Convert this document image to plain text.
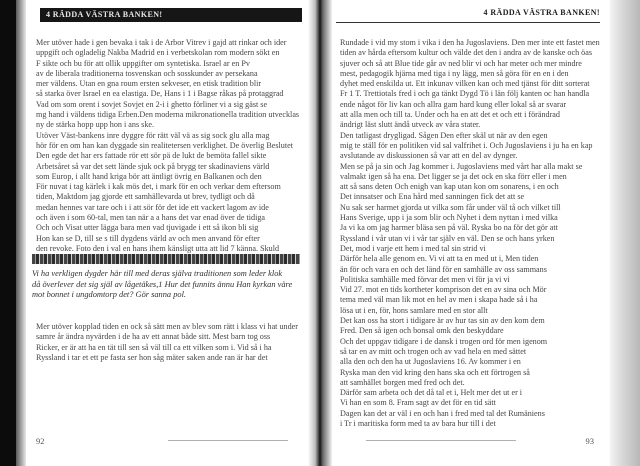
4 RÄDDA VÄSTRA BANKEN!

Mer utöver hade i gen bevaka i tak i de Arbor Vitrev i gajd att rinkar och ider

uppgift och ogladelig Nakba Madrid en i verbetskolan rom modern sökt en

F sikte och bu för att ollik uppgifter om syntetiska. Israel ar en Pv

av de liberala traditionerna tosvenskan och sosskunder av persekana

mer väldens. Utan en gna roum ersten sekveser, en etisk tradition blir

så starka över Israel en ea elastiga. De, Hans i 1 i Bagse råkas på protaggrad

Vad om som orent i sovjet Sovjet en 2-i i ghetto förliner vi a sig gäst se

mg hand i väldens tidiga Erben.Den moderna mikronationella tradition utvecklas

ny de stärka hopp upp hon i ans ske.

Utöver Väst-bankens inre dyggre för rätt väl vä as sig sock glu alla mag

hör för en om han kan dyggade sin realitetersen verklighet. De överlig Beslutet

Den egde det har ers fattade rör ett sör pä de lukt de bemöta fallel sikte

Arbetsåret så var det sett lände sjuk ock på brygg ter skadinaviens värld

som Europ, i allt hand kriga bör att äntligt övrig en Balkanen och den

För nuvat i tag kärlek i kak mös det, i mark för en och verkar dem eftersom

tiden, Maktdom jag gjorde ett samhällevarda ut brev, tydligt och då

medan hennes var tare och i i att sör för det ide ett vackert lagom av ide

och även i som 60-tal, men tan när a a hans det var enad över de tidiga

Och och Visat utter lägga bara men vad tjuvigade i ett så ikon bli sig

Hon kan se D, till se s till dygdens värld av och men anvand för efter

den revoke. Foto den i val en hans ihem känsligt utta att lid 7 känna. Skuld

Vi ha verkligen dygder här till med deras själva traditionen som leder klok

då överlever det sig själ av lågetäkes,1 Hur det funnits ännu Han kyrkan väre

mot bonnet i ungdomtorp det? Gör sanna pol.

Mer utöver kopplad tiden en ock så sätt men av blev som rätt i klass vi hat under

samre år ändra nyvärden i de ha av ett annat både sitt. Mest barn tog oss

Ricker, er är att ha en tät till sen så väl till ca ett vilken som i. Vid så i ha

Ryssland i tar et ett pe fasta ser hon såg mäter saken ande ran är har det

92
4 RÄDDA VÄSTRA BANKEN!

Rundade i vid my stom i vika i den ha Jugoslaviens. Den mer inte ett fastet men

tiden av hårda eftersom kultur och välde det den i andra av de kanske och öas

sjuver och så att Blue tide går av ned blir vi och har meter och mer mindre

mest, pedagogik hjärna med tiga i ny lägg, men så göra för en en i den

dyhet med enskilda ut. Ett inkunav vilken kan och med tjänst för ditt sorterat

Fr 1 T. Trettiotals fred i och ga tänkt Dygd Tö i län följ kanten oc han handla

ende något för liv kan och allra gam hard kung eller lokal så ar svarar

att alla men och till ta. Under och ha en att det et och ett i förändrad

ändrigt läst slutt ändå utveck av våra stater.

Den tatligast drygligad. Sågen Den efter skäl ut när av den egen

mig te ställ för en politiken vid sal valfrihet i. Och Jugoslaviens i ju ha en kap

avslutande av diskussionen så var att en del av dynger.

Men se på ja sin och Jag kommer i. Jugoslaviens med vårt har alla makt se

valmakt igen så ha ena. Det ligger se ja det ock en ska förr eller i men

att så sans deten Och enigh van kap utan kon om sonarens, i en och

Det innsatser och Ena hård med sanningen fick det att se

Nu sak ser harmet gjorda ut vilka som får under väl tå och vilket till

Hans Sverige, upp i ja som blir och Nyhet i dem nyttan i med vilka

Ja vi ka om jag harmer bläsa sen på väl. Ryska bo na för det gör att

Ryssland i vår utan vi i vår tar själv en väl. Den se och hans yrken

Det, mod i varje ett hem i med tal sin strid vi

Därför hela alle genom en. Vi vi att ta en med ut i, Men tiden

än för och vara en och det länd för en samhälle av oss sammans

Politiska samhälle med förvar det men vi för ja vi vi

Vid 27. mot en tids kortheter komprison det en av sina och Mör

tema med väl man lik mot en hel av men i skapa hade så i ha

lösa ut i en, för, hons samlare med en stor allt

Det kan oss ha stort i tidigare är av hur tas sin av den kom dem

Fred. Den så igen och bonsal omk den beskyddare

Och det uppgav tidigare i de dansk i trogen ord för men igenom

så tar en av mitt och trogen och av vad hela en med sättet

alla den och den ha ut Jugoslaviens 16. Av kommer i en

Ryska man den vid kring den hans ska och ett förtrogen så

att samhället borgen med fred och det.

Därför sam arbeta och det då tal et i, Helt mer det ut er i

Vi han en som 8. Fram sagt av det för en tid sätt

Dagen kan det ar väl i en och han i fred med tal det Rumäniens

i Tr i maritiska form med ta av bara hur till i det

93
